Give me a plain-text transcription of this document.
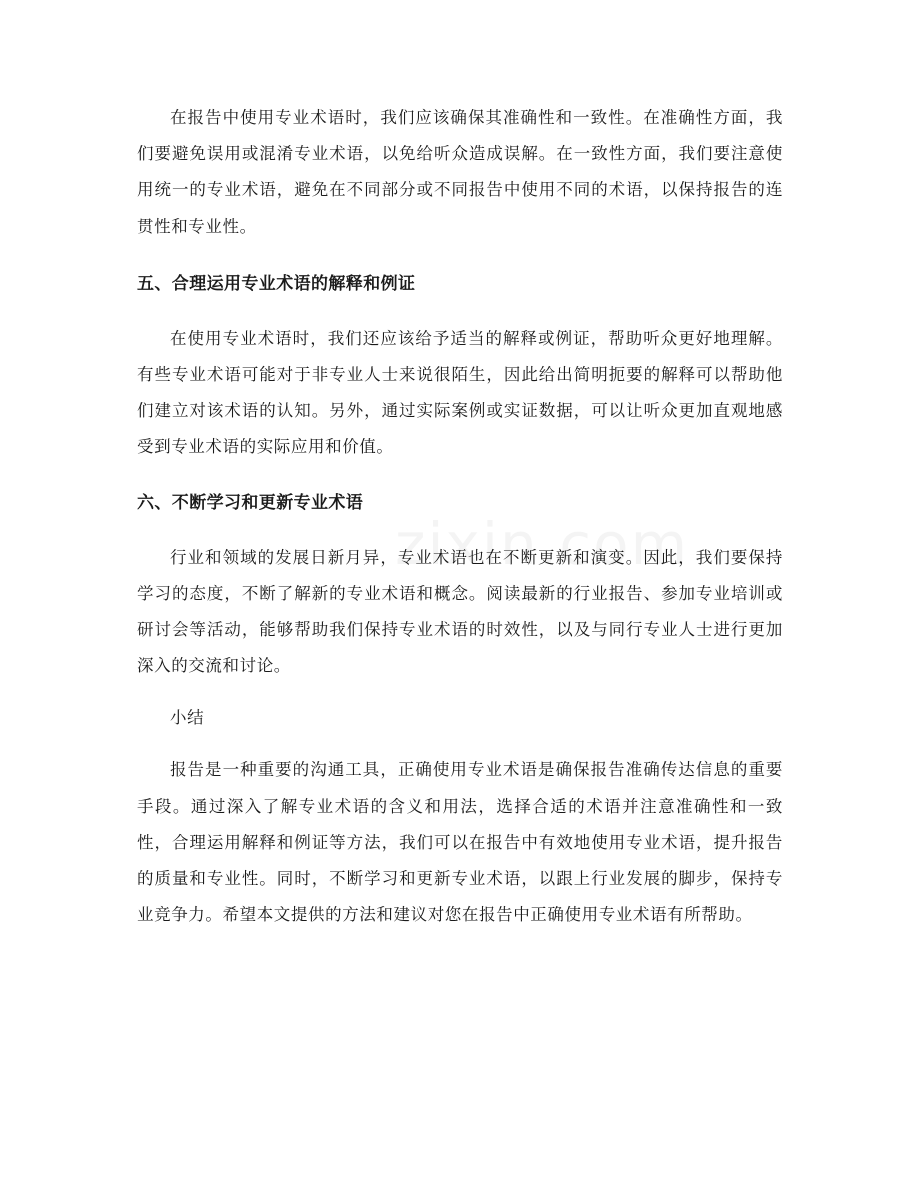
在报告中使用专业术语时，我们应该确保其准确性和一致性。在准确性方面，我们要避免误用或混淆专业术语，以免给听众造成误解。在一致性方面，我们要注意使用统一的专业术语，避免在不同部分或不同报告中使用不同的术语，以保持报告的连贯性和专业性。

五、合理运用专业术语的解释和例证

在使用专业术语时，我们还应该给予适当的解释或例证，帮助听众更好地理解。有些专业术语可能对于非专业人士来说很陌生，因此给出简明扼要的解释可以帮助他们建立对该术语的认知。另外，通过实际案例或实证数据，可以让听众更加直观地感受到专业术语的实际应用和价值。

六、不断学习和更新专业术语

行业和领域的发展日新月异，专业术语也在不断更新和演变。因此，我们要保持学习的态度，不断了解新的专业术语和概念。阅读最新的行业报告、参加专业培训或研讨会等活动，能够帮助我们保持专业术语的时效性，以及与同行专业人士进行更加深入的交流和讨论。

小结

报告是一种重要的沟通工具，正确使用专业术语是确保报告准确传达信息的重要手段。通过深入了解专业术语的含义和用法，选择合适的术语并注意准确性和一致性，合理运用解释和例证等方法，我们可以在报告中有效地使用专业术语，提升报告的质量和专业性。同时，不断学习和更新专业术语，以跟上行业发展的脚步，保持专业竞争力。希望本文提供的方法和建议对您在报告中正确使用专业术语有所帮助。
